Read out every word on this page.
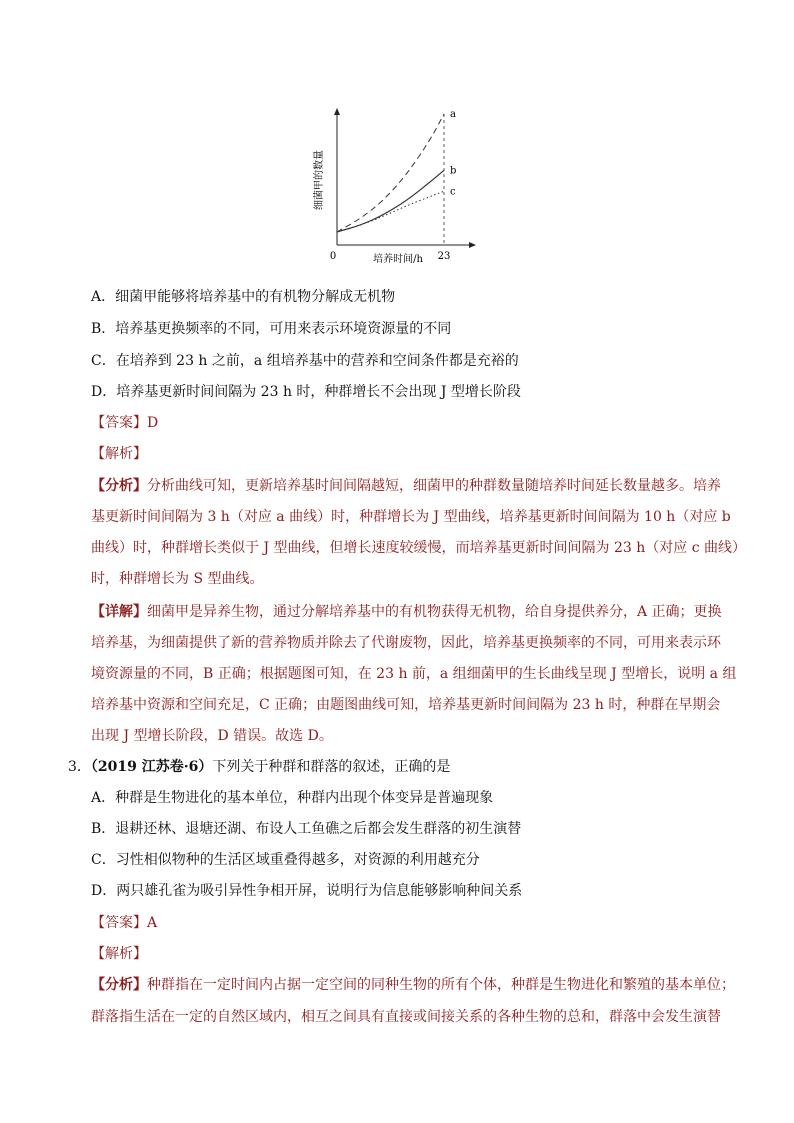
a
b
c
细菌甲的数量
培养时间/h
0	23
A．细菌甲能够将培养基中的有机物分解成无机物
B．培养基更换频率的不同，可用来表示环境资源量的不同
C．在培养到 23 h 之前，a 组培养基中的营养和空间条件都是充裕的
D．培养基更新时间间隔为 23 h 时，种群增长不会出现 J 型增长阶段
【答案】D
【解析】
【分析】分析曲线可知，更新培养基时间间隔越短，细菌甲的种群数量随培养时间延长数量越多。培养
基更新时间间隔为 3 h（对应 a 曲线）时，种群增长为 J 型曲线，培养基更新时间间隔为 10 h（对应 b
曲线）时，种群增长类似于 J 型曲线，但增长速度较缓慢，而培养基更新时间间隔为 23 h（对应 c 曲线）
时，种群增长为 S 型曲线。
【详解】细菌甲是异养生物，通过分解培养基中的有机物获得无机物，给自身提供养分，A 正确；更换
培养基，为细菌提供了新的营养物质并除去了代谢废物，因此，培养基更换频率的不同，可用来表示环
境资源量的不同，B 正确；根据题图可知，在 23 h 前，a 组细菌甲的生长曲线呈现 J 型增长，说明 a 组
培养基中资源和空间充足，C 正确；由题图曲线可知，培养基更新时间间隔为 23 h 时，种群在早期会
出现 J 型增长阶段，D 错误。故选 D。
3．（2019 江苏卷·6）下列关于种群和群落的叙述，正确的是
A．种群是生物进化的基本单位，种群内出现个体变异是普遍现象
B．退耕还林、退塘还湖、布设人工鱼礁之后都会发生群落的初生演替
C．习性相似物种的生活区域重叠得越多，对资源的利用越充分
D．两只雄孔雀为吸引异性争相开屏，说明行为信息能够影响种间关系
【答案】A
【解析】
【分析】种群指在一定时间内占据一定空间的同种生物的所有个体，种群是生物进化和繁殖的基本单位；
群落指生活在一定的自然区域内，相互之间具有直接或间接关系的各种生物的总和，群落中会发生演替
